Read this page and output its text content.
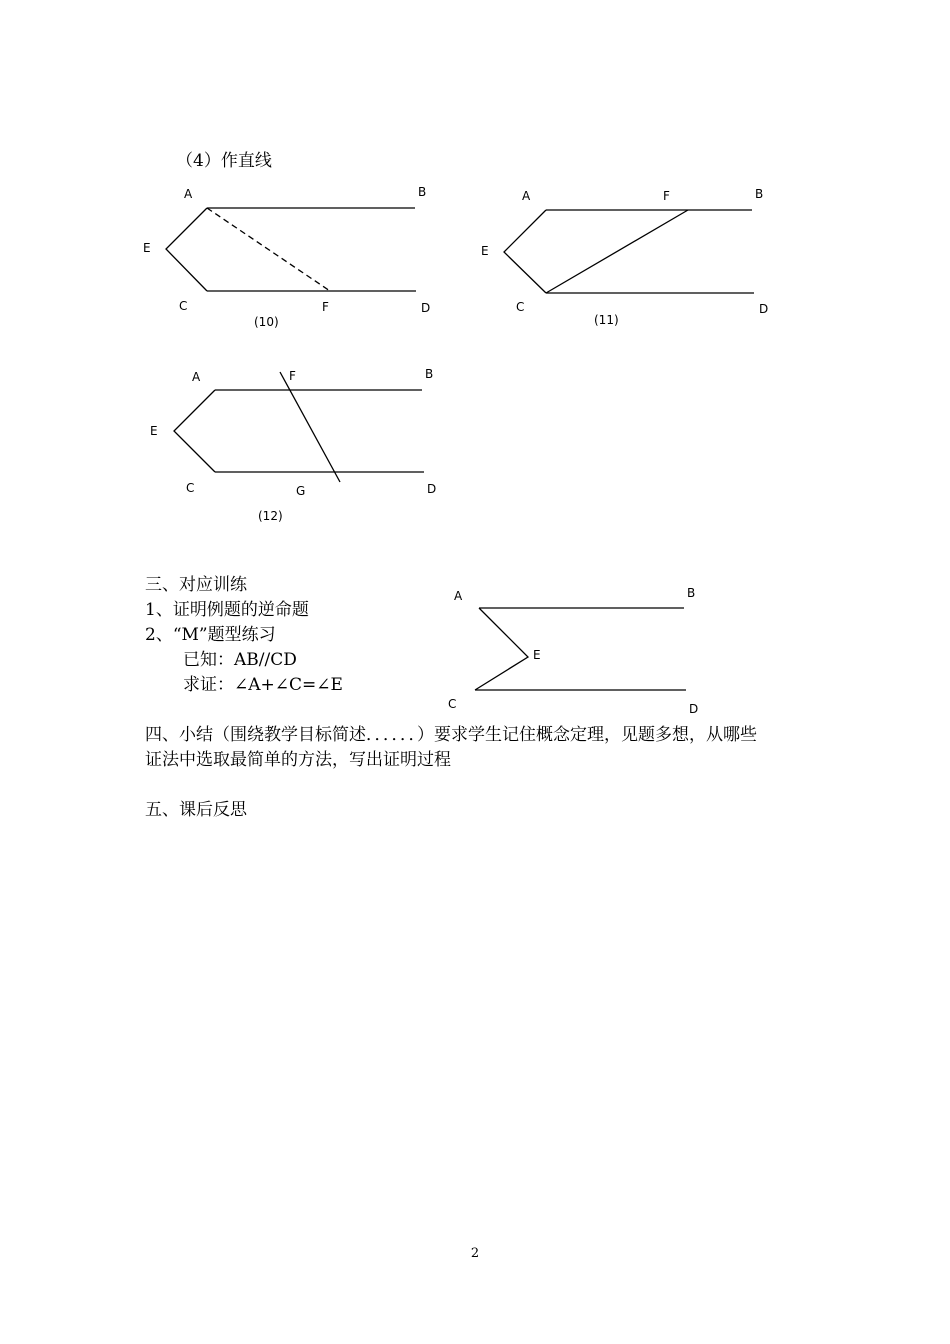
（4）作直线
A	B
E
C	F	D
(10)
A	F	B
E
C	D
(11)
A	F	B
E
C	G	D
(12)
A	B
E
C	D
三、对应训练
1、证明例题的逆命题
2、“M”题型练习
已知：AB//CD
求证：∠A+∠C=∠E
四、小结（围绕教学目标简述．．．．．．）要求学生记住概念定理，见题多想，从哪些
证法中选取最简单的方法，写出证明过程
五、课后反思
2
